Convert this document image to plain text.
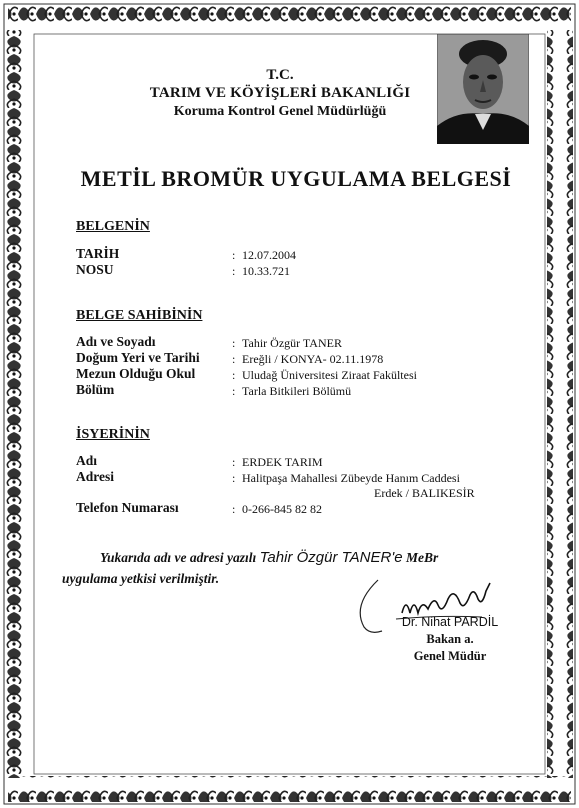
T.C.
TARIM VE KÖYİŞLERİ BAKANLIĞI
Koruma Kontrol Genel Müdürlüğü
METİL BROMÜR UYGULAMA BELGESİ
BELGENİN
TARİH	: 12.07.2004
NOSU	: 10.33.721
BELGE SAHİBİNİN
Adı ve Soyadı	: Tahir Özgür TANER
Doğum Yeri ve Tarihi	: Ereğli / KONYA- 02.11.1978
Mezun Olduğu Okul	: Uludağ Üniversitesi Ziraat Fakültesi
Bölüm	: Tarla Bitkileri Bölümü
İSYERİNİN
Adı	: ERDEK TARIM
Adresi	: Halitpaşa Mahallesi Zübeyde Hanım Caddesi
Erdek / BALIKESİR
Telefon Numarası	: 0-266-845 82 82
Yukarıda adı ve adresi yazılı Tahir Özgür TANER'e MeBr
uygulama yetkisi verilmiştir.
Dr. Nihat PARDİL
Bakan a.
Genel Müdür
